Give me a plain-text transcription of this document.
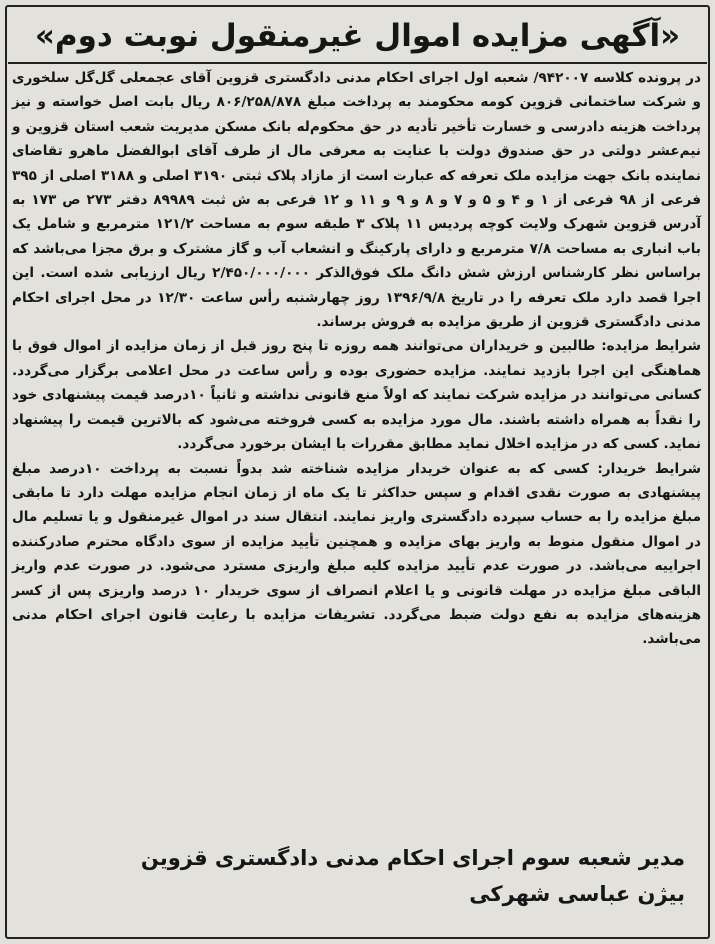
«آگهی مزایده اموال غیرمنقول نوبت دوم»

در پرونده کلاسه ۹۴۲۰۰۷/ شعبه اول اجرای احکام مدنی دادگستری قزوین آقای عجمعلی گل‌گل سلخوری و شرکت ساختمانی قزوین کومه محکومند به پرداخت مبلغ ۸۰۶/۲۵۸/۸۷۸ ریال بابت اصل خواسته و نیز پرداخت هزینه دادرسی و خسارت تأخیر تأدیه در حق محکوم‌له بانک مسکن مدیریت شعب استان قزوین و نیم‌عشر دولتی در حق صندوق دولت با عنایت به معرفی مال از طرف آقای ابوالفضل ماهرو تقاضای نماینده بانک جهت مزایده ملک تعرفه که عبارت است از مازاد پلاک ثبتی ۳۱۹۰ اصلی و ۳۱۸۸ اصلی از ۳۹۵ فرعی از ۹۸ فرعی از ۱ و ۴ و ۵ و ۷ و ۸ و ۹ و ۱۱ و ۱۲ فرعی به ش ثبت ۸۹۹۸۹ دفتر ۲۷۳ ص ۱۷۳ به آدرس قزوین شهرک ولایت کوچه پردیس ۱۱ پلاک ۳ طبقه سوم به مساحت ۱۲۱/۲ مترمربع و شامل یک باب انباری به مساحت ۷/۸ مترمربع و دارای پارکینگ و انشعاب آب و گاز مشترک و برق مجزا می‌باشد که براساس نظر کارشناس ارزش شش دانگ ملک فوق‌الذکر ۲/۴۵۰/۰۰۰/۰۰۰ ریال ارزیابی شده است. این اجرا قصد دارد ملک تعرفه را در تاریخ ۱۳۹۶/۹/۸ روز چهارشنبه رأس ساعت ۱۲/۳۰ در محل اجرای احکام مدنی دادگستری قزوین از طریق مزایده به فروش برساند.

شرایط مزایده: طالبین و خریداران می‌توانند همه روزه تا پنج روز قبل از زمان مزایده از اموال فوق با هماهنگی این اجرا بازدید نمایند. مزایده حضوری بوده و رأس ساعت در محل اعلامی برگزار می‌گردد. کسانی می‌توانند در مزایده شرکت نمایند که اولاً منع قانونی نداشته و ثانیاً ۱۰درصد قیمت پیشنهادی خود را نقداً به همراه داشته باشند. مال مورد مزایده به کسی فروخته می‌شود که بالاترین قیمت را پیشنهاد نماید. کسی که در مزایده اخلال نماید مطابق مقررات با ایشان برخورد می‌گردد.

شرایط خریدار: کسی که به عنوان خریدار مزایده شناخته شد بدواً نسبت به پرداخت ۱۰درصد مبلغ پیشنهادی به صورت نقدی اقدام و سپس حداکثر تا یک ماه از زمان انجام مزایده مهلت دارد تا مابقی مبلغ مزایده را به حساب سپرده دادگستری واریز نمایند. انتقال سند در اموال غیرمنقول و یا تسلیم مال در اموال منقول منوط به واریز بهای مزایده و همچنین تأیید مزایده از سوی دادگاه محترم صادرکننده اجراییه می‌باشد. در صورت عدم تأیید مزایده کلیه مبلغ واریزی مسترد می‌شود. در صورت عدم واریز الباقی مبلغ مزایده در مهلت قانونی و یا اعلام انصراف از سوی خریدار ۱۰ درصد واریزی پس از کسر هزینه‌های مزایده به نفع دولت ضبط می‌گردد. تشریفات مزایده با رعایت قانون اجرای احکام مدنی می‌باشد.

مدیر شعبه سوم اجرای احکام مدنی دادگستری قزوین
بیژن عباسی شهرکی
